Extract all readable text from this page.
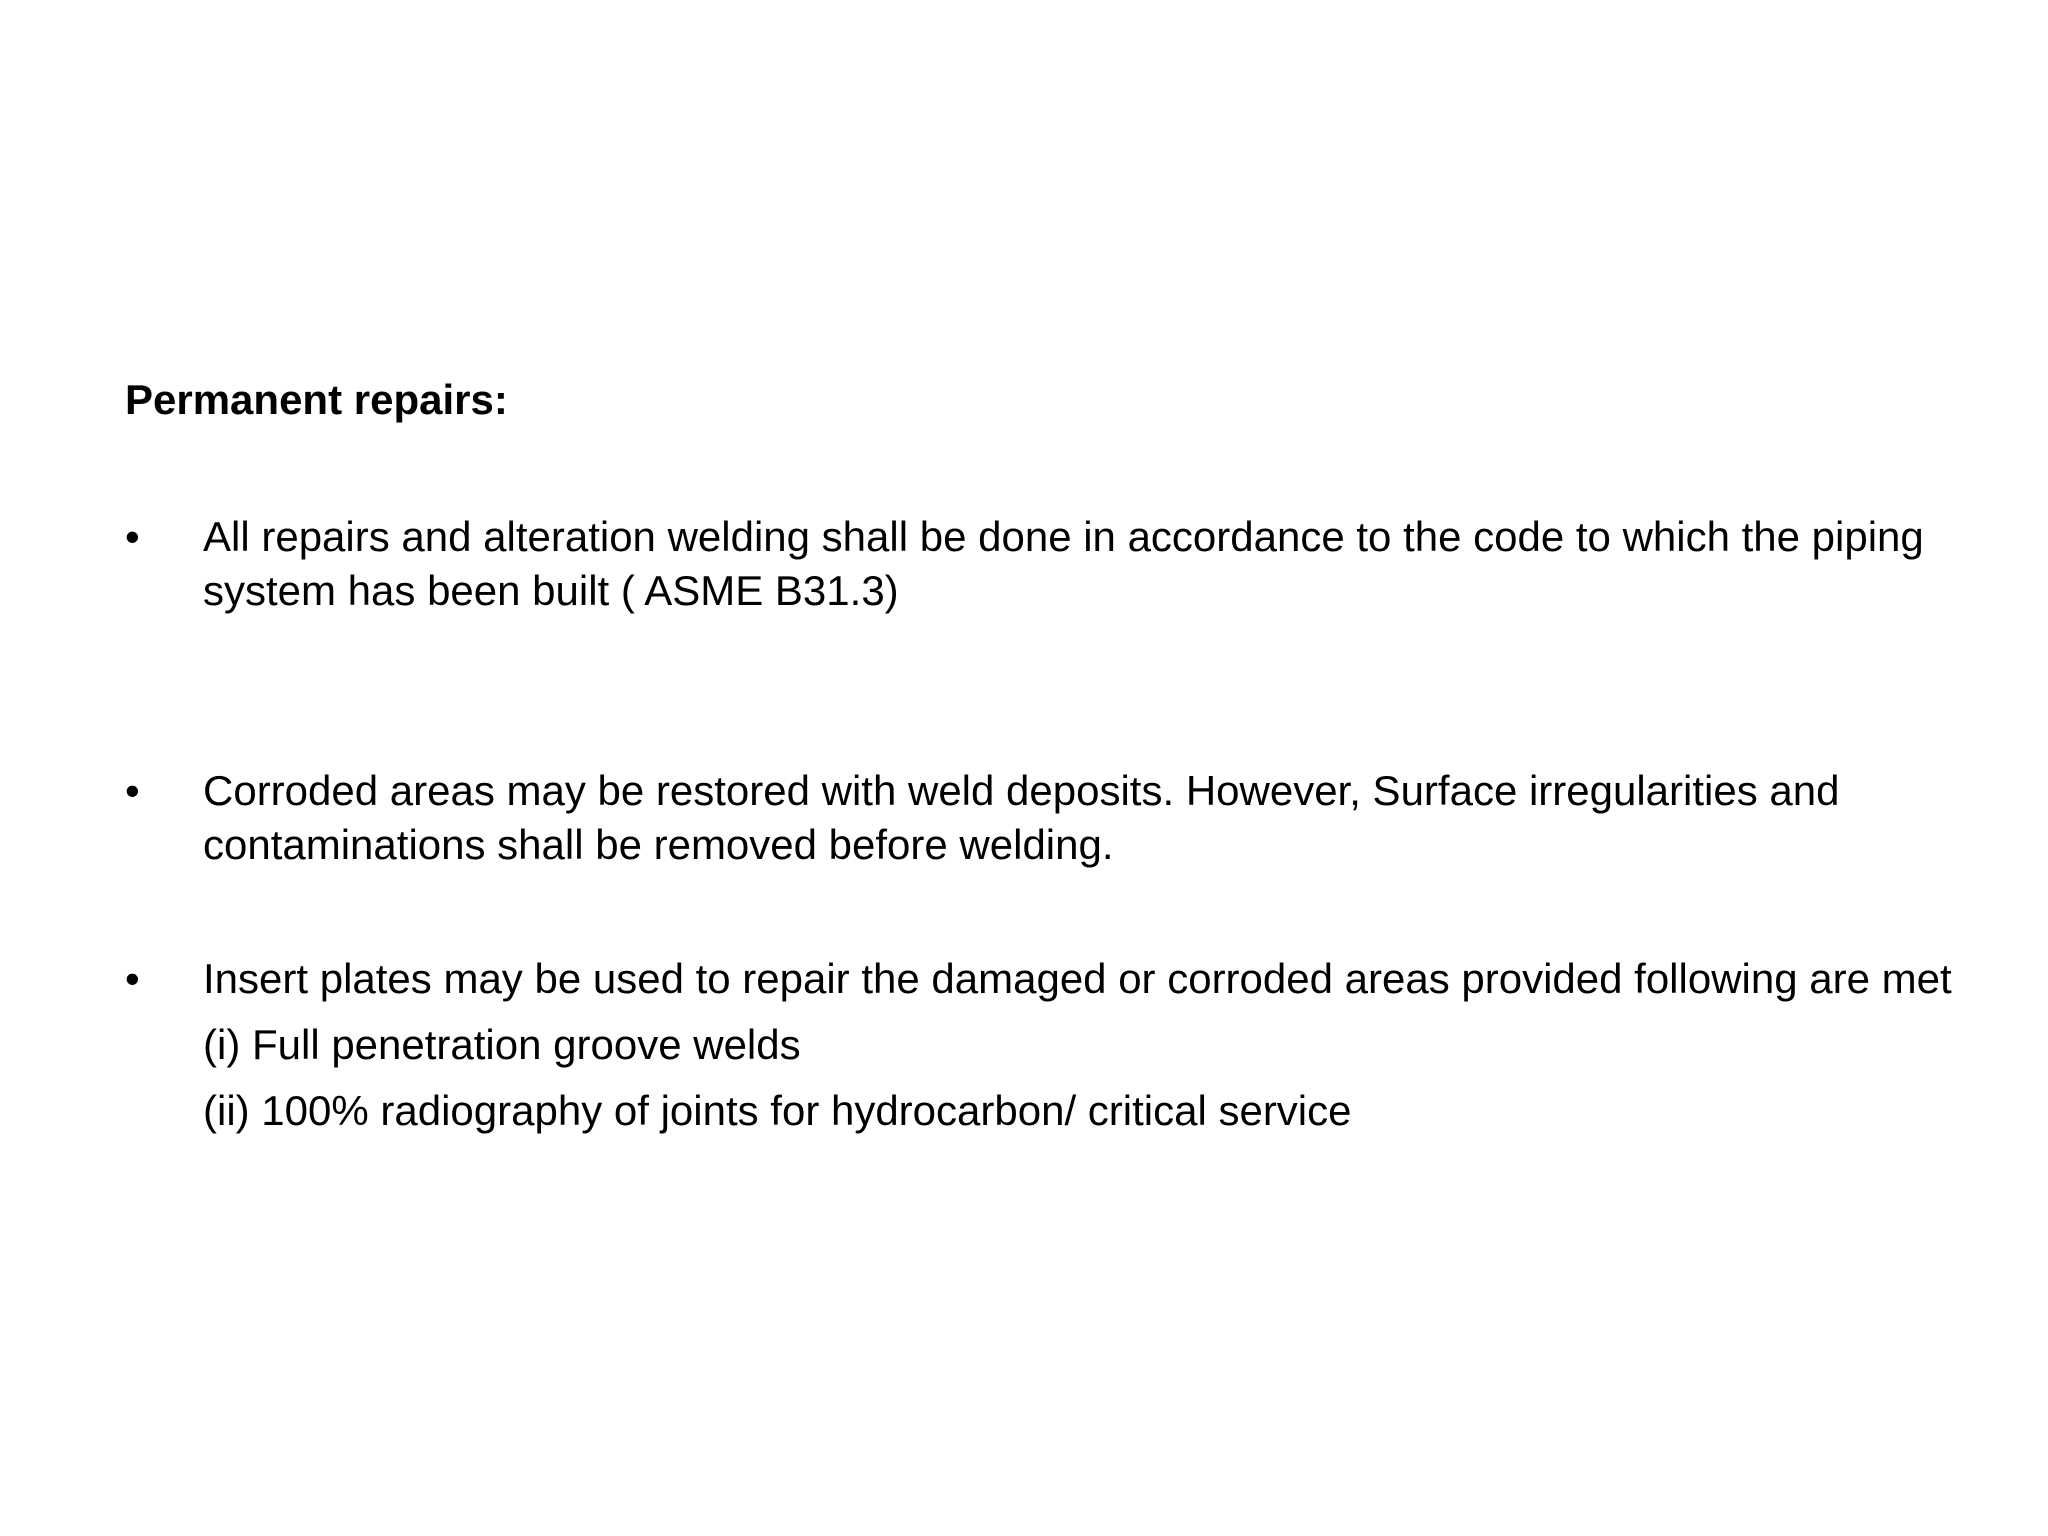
Permanent repairs:
•	All repairs and alteration welding shall be done in accordance to the code to which the piping system has been built ( ASME B31.3)
•	Corroded areas may be restored with weld deposits. However, Surface irregularities and contaminations shall be removed before welding.
•	Insert plates may be used to repair the damaged or corroded areas provided following are met
(i) Full penetration groove welds
(ii) 100% radiography of joints for hydrocarbon/ critical service
